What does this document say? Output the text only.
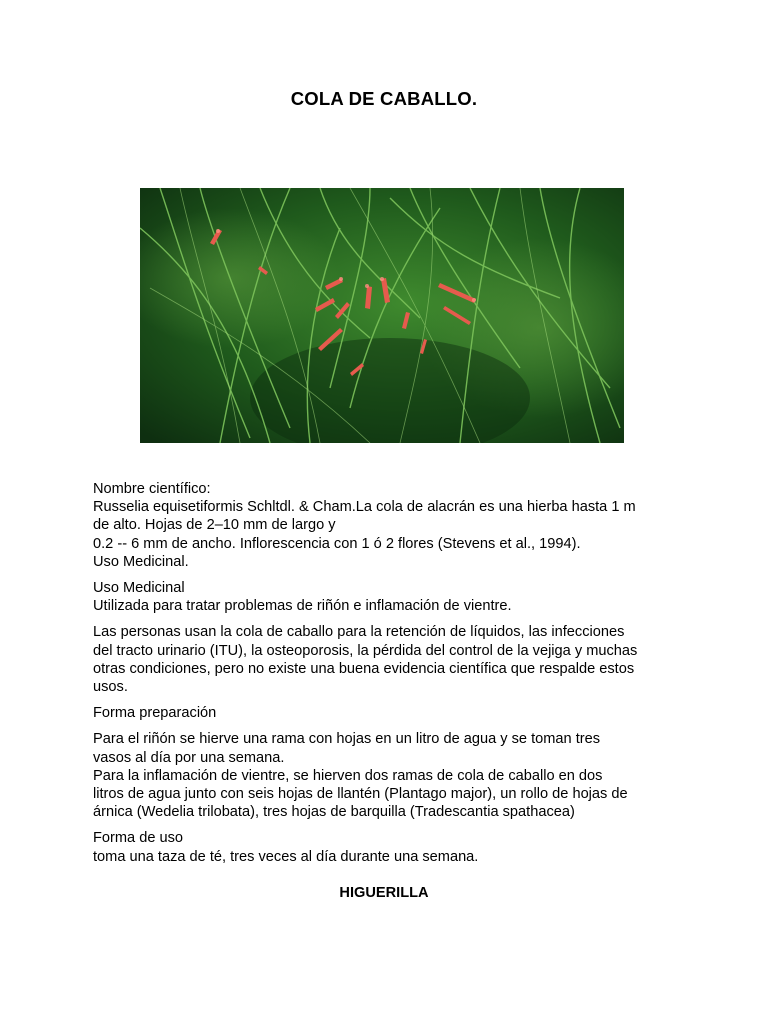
COLA DE CABALLO.

Nombre científico:
Russelia equisetiformis Schltdl. & Cham.La cola de alacrán es una hierba hasta 1 m
de alto. Hojas de 2–10 mm de largo y
0.2 -- 6 mm de ancho. Inflorescencia con 1 ó 2 flores (Stevens et al., 1994).
Uso Medicinal.

Uso Medicinal
Utilizada para tratar problemas de riñón e inflamación de vientre.

Las personas usan la cola de caballo para la retención de líquidos, las infecciones
del tracto urinario (ITU), la osteoporosis, la pérdida del control de la vejiga y muchas
otras condiciones, pero no existe una buena evidencia científica que respalde estos
usos.

Forma preparación

Para el riñón se hierve una rama con hojas en un litro de agua y se toman tres
vasos al día por una semana.
Para la inflamación de vientre, se hierven dos ramas de cola de caballo en dos
litros de agua junto con seis hojas de llantén (Plantago major), un rollo de hojas de
árnica (Wedelia trilobata), tres hojas de barquilla (Tradescantia spathacea)

Forma de uso
toma una taza de té, tres veces al día durante una semana.

HIGUERILLA
